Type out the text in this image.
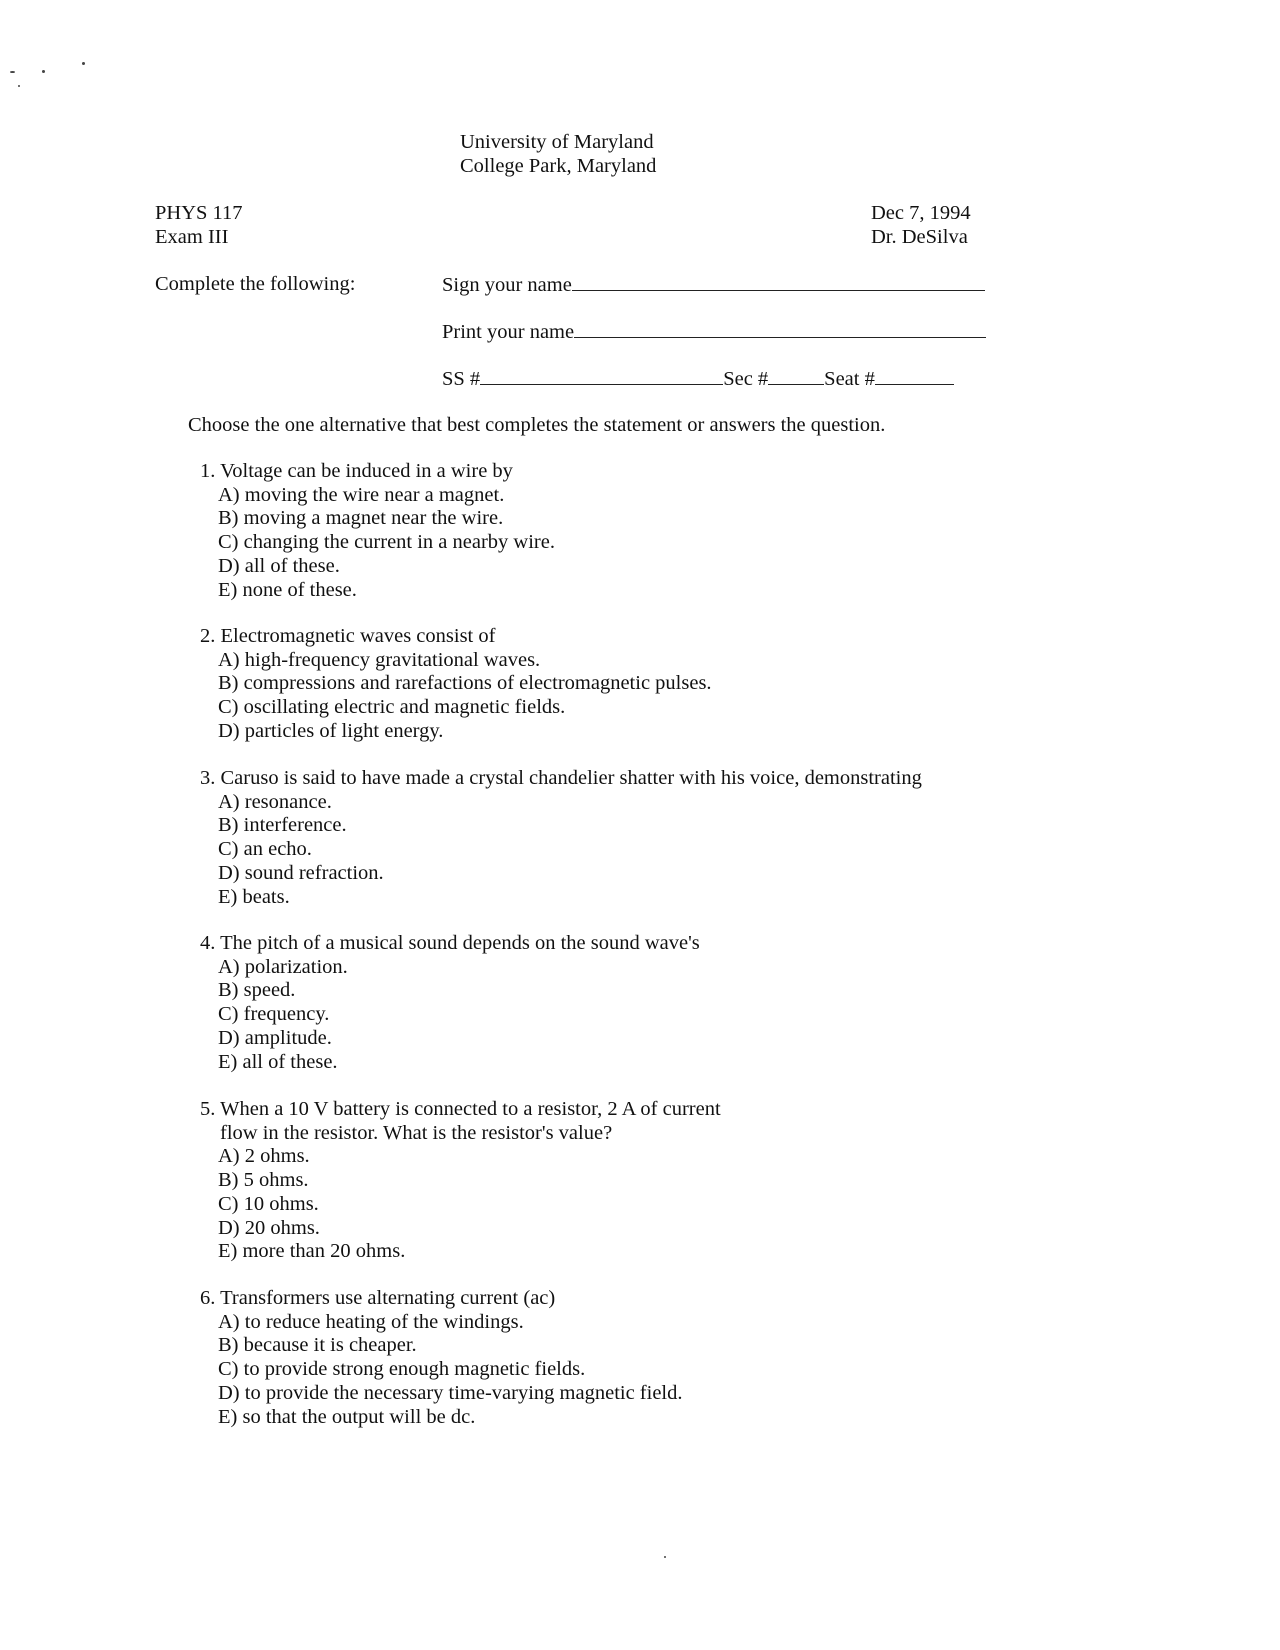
University of Maryland
College Park, Maryland
PHYS 117
Exam III
Dec 7, 1994
Dr. DeSilva
Complete the following:	Sign your name
Print your name
SS #	Sec #	Seat #
Choose the one alternative that best completes the statement or answers the question.
1. Voltage can be induced in a wire by
A) moving the wire near a magnet.
B) moving a magnet near the wire.
C) changing the current in a nearby wire.
D) all of these.
E) none of these.
2. Electromagnetic waves consist of
A) high-frequency gravitational waves.
B) compressions and rarefactions of electromagnetic pulses.
C) oscillating electric and magnetic fields.
D) particles of light energy.
3. Caruso is said to have made a crystal chandelier shatter with his voice, demonstrating
A) resonance.
B) interference.
C) an echo.
D) sound refraction.
E) beats.
4. The pitch of a musical sound depends on the sound wave's
A) polarization.
B) speed.
C) frequency.
D) amplitude.
E) all of these.
5. When a 10 V battery is connected to a resistor, 2 A of current
flow in the resistor. What is the resistor's value?
A) 2 ohms.
B) 5 ohms.
C) 10 ohms.
D) 20 ohms.
E) more than 20 ohms.
6. Transformers use alternating current (ac)
A) to reduce heating of the windings.
B) because it is cheaper.
C) to provide strong enough magnetic fields.
D) to provide the necessary time-varying magnetic field.
E) so that the output will be dc.
